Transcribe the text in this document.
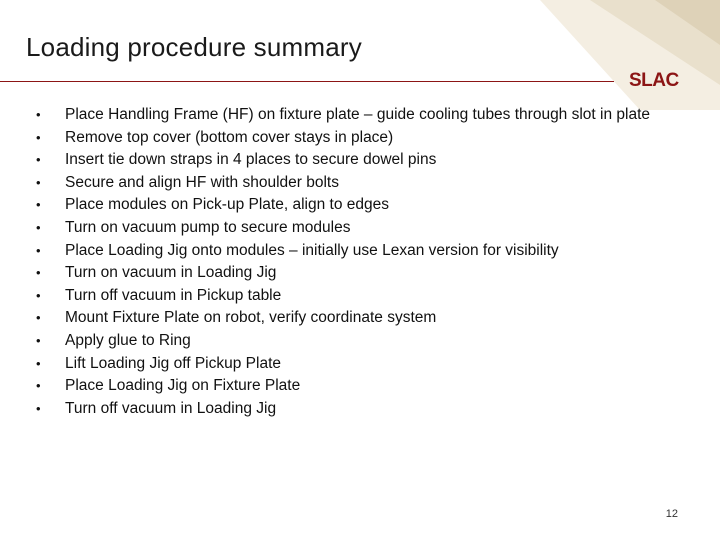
Loading procedure summary
SLAC
• Place Handling Frame (HF) on fixture plate – guide cooling tubes through slot in plate
• Remove top cover (bottom cover stays in place)
• Insert tie down straps in 4 places to secure dowel pins
• Secure and align HF with shoulder bolts
• Place modules on Pick-up Plate, align to edges
• Turn on vacuum pump to secure modules
• Place Loading Jig onto modules – initially use Lexan version for visibility
• Turn on vacuum in Loading Jig
• Turn off vacuum in Pickup table
• Mount Fixture Plate on robot, verify coordinate system
• Apply glue to Ring
• Lift Loading Jig off Pickup Plate
• Place Loading Jig on Fixture Plate
• Turn off vacuum in Loading Jig
12
